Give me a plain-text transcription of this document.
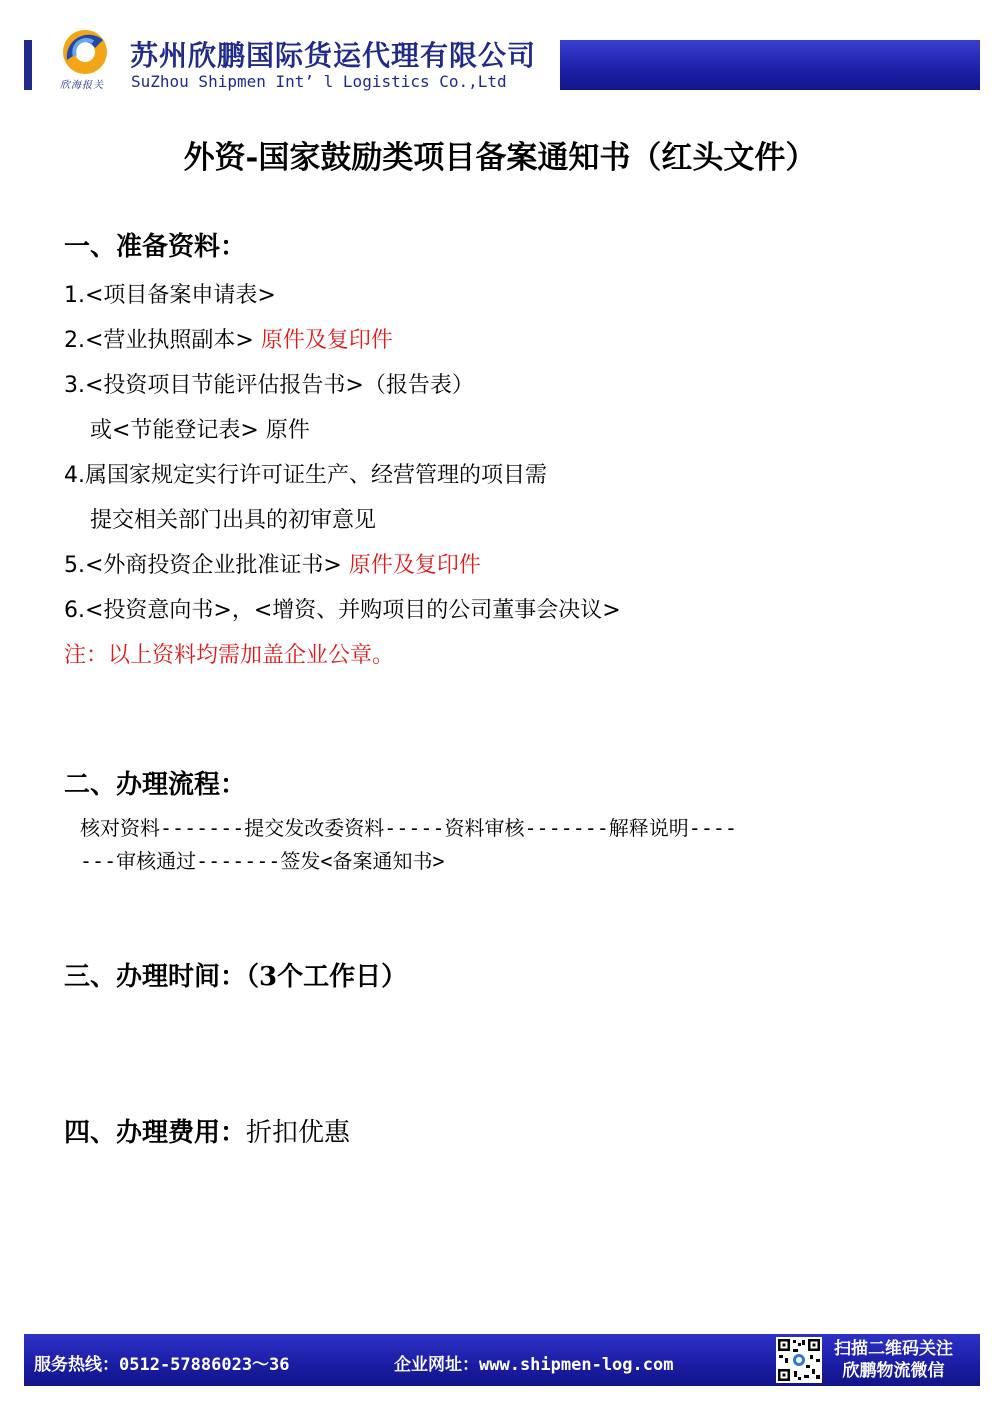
欣海报关
苏州欣鹏国际货运代理有限公司
SuZhou Shipmen Int’ l Logistics Co.,Ltd
外资-国家鼓励类项目备案通知书（红头文件）
一、准备资料：
1.<项目备案申请表>
2.<营业执照副本> 原件及复印件
3.<投资项目节能评估报告书>（报告表）
或<节能登记表> 原件
4.属国家规定实行许可证生产、经营管理的项目需
提交相关部门出具的初审意见
5.<外商投资企业批准证书> 原件及复印件
6.<投资意向书>，<增资、并购项目的公司董事会决议>
注：以上资料均需加盖企业公章。
二、办理流程：
核对资料-------提交发改委资料-----资料审核-------解释说明----
---审核通过-------签发<备案通知书>
三、办理时间：（3个工作日）
四、办理费用：折扣优惠
服务热线：0512-57886023～36	企业网址：www.shipmen-log.com
扫描二维码关注
欣鹏物流微信
